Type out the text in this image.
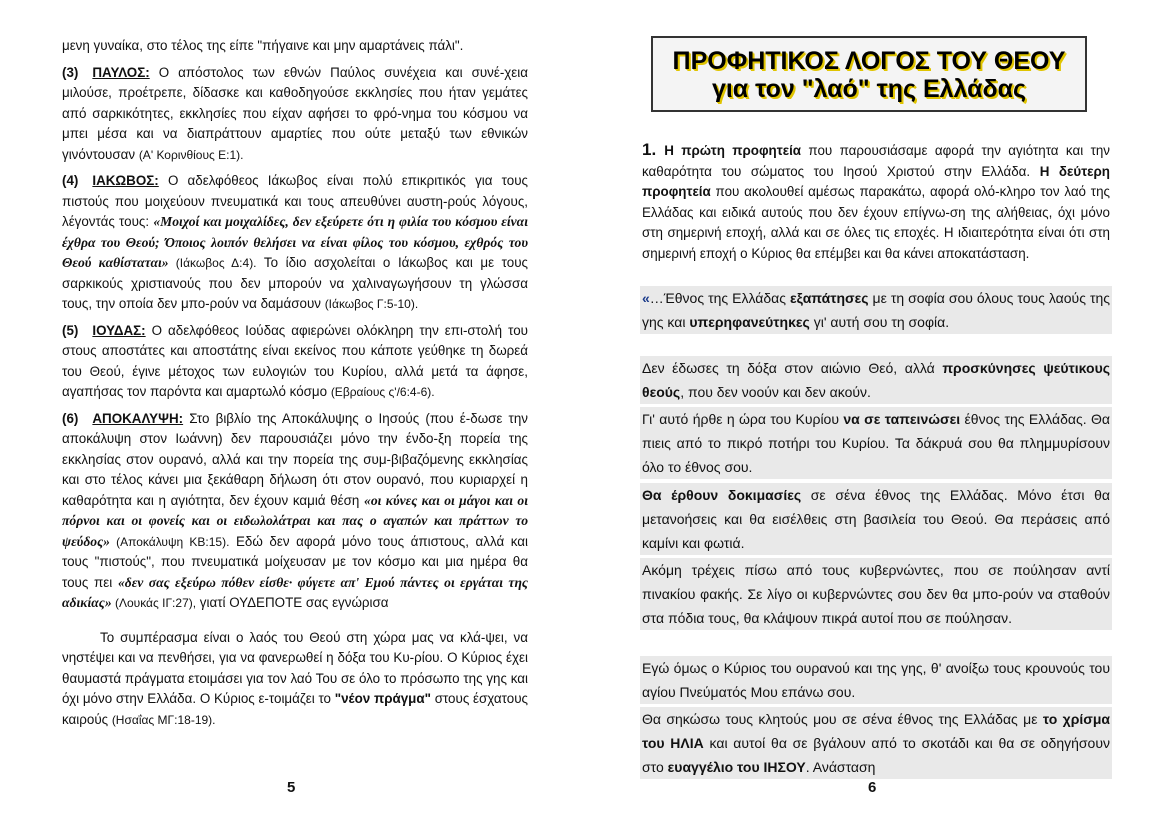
μενη γυναίκα, στο τέλος της είπε "πήγαινε και μην αμαρτάνεις πάλι".

(3) ΠΑΥΛΟΣ: Ο απόστολος των εθνών Παύλος συνέχεια και συνέ-χεια μιλούσε, προέτρεπε, δίδασκε και καθοδηγούσε εκκλησίες που ήταν γεμάτες από σαρκικότητες, εκκλησίες που είχαν αφήσει το φρό-νημα του κόσμου να μπει μέσα και να διαπράττουν αμαρτίες που ούτε μεταξύ των εθνικών γινόντουσαν (Α' Κορινθίους Ε:1).

(4) ΙΑΚΩΒΟΣ: Ο αδελφόθεος Ιάκωβος είναι πολύ επικριτικός για τους πιστούς που μοιχεύουν πνευματικά και τους απευθύνει αυστη-ρούς λόγους, λέγοντάς τους: «Μοιχοί και μοιχαλίδες, δεν εξεύρετε ότι η φιλία του κόσμου είναι έχθρα του Θεού; Όποιος λοιπόν θελήσει να είναι φίλος του κόσμου, εχθρός του Θεού καθίσταται» (Ιάκωβος Δ:4). Το ίδιο ασχολείται ο Ιάκωβος και με τους σαρκικούς χριστιανούς που δεν μπορούν να χαλιναγωγήσουν τη γλώσσα τους, την οποία δεν μπο-ρούν να δαμάσουν (Ιάκωβος Γ:5-10).

(5) ΙΟΥΔΑΣ: Ο αδελφόθεος Ιούδας αφιερώνει ολόκληρη την επι-στολή του στους αποστάτες και αποστάτης είναι εκείνος που κάποτε γεύθηκε τη δωρεά του Θεού, έγινε μέτοχος των ευλογιών του Κυρίου, αλλά μετά τα άφησε, αγαπήσας τον παρόντα και αμαρτωλό κόσμο (Εβραίους ς'/6:4-6).

(6) ΑΠΟΚΑΛΥΨΗ: Στο βιβλίο της Αποκάλυψης ο Ιησούς (που έ-δωσε την αποκάλυψη στον Ιωάννη) δεν παρουσιάζει μόνο την ένδο-ξη πορεία της εκκλησίας στον ουρανό, αλλά και την πορεία της συμ-βιβαζόμενης εκκλησίας και στο τέλος κάνει μια ξεκάθαρη δήλωση ότι στον ουρανό, που κυριαρχεί η καθαρότητα και η αγιότητα, δεν έχουν καμιά θέση «οι κύνες και οι μάγοι και οι πόρνοι και οι φονείς και οι ειδωλολάτραι και πας ο αγαπών και πράττων το ψεύδος» (Αποκάλυψη ΚΒ:15). Εδώ δεν αφορά μόνο τους άπιστους, αλλά και τους "πιστούς", που πνευματικά μοίχευσαν με τον κόσμο και μια ημέρα θα τους πει «δεν σας εξεύρω πόθεν είσθε· φύγετε απ' Εμού πάντες οι εργάται της αδικίας» (Λουκάς ΙΓ:27), γιατί ΟΥΔΕΠΟΤΕ σας εγνώρισα

Το συμπέρασμα είναι ο λαός του Θεού στη χώρα μας να κλά-ψει, να νηστέψει και να πενθήσει, για να φανερωθεί η δόξα του Κυ-ρίου. Ο Κύριος έχει θαυμαστά πράγματα ετοιμάσει για τον λαό Του σε όλο το πρόσωπο της γης και όχι μόνο στην Ελλάδα. Ο Κύριος ε-τοιμάζει το "νέον πράγμα" στους έσχατους καιρούς (Ησαΐας ΜΓ:18-19).

5
ΠΡΟΦΗΤΙΚΟΣ ΛΟΓΟΣ ΤΟΥ ΘΕΟΥ
για τον "λαό" της Ελλάδας

1. Η πρώτη προφητεία που παρουσιάσαμε αφορά την αγιότητα και την καθαρότητα του σώματος του Ιησού Χριστού στην Ελλάδα. Η δεύτερη προφητεία που ακολουθεί αμέσως παρακάτω, αφορά ολό-κληρο τον λαό της Ελλάδας και ειδικά αυτούς που δεν έχουν επίγνω-ση της αλήθειας, όχι μόνο στη σημερινή εποχή, αλλά και σε όλες τις εποχές. Η ιδιαιτερότητα είναι ότι στη σημερινή εποχή ο Κύριος θα επέμβει και θα κάνει αποκατάσταση.

«…Έθνος της Ελλάδας εξαπάτησες με τη σοφία σου όλους τους λαούς της γης και υπερηφανεύτηκες γι' αυτή σου τη σοφία.

Δεν έδωσες τη δόξα στον αιώνιο Θεό, αλλά προσκύνησες ψεύτικους θεούς, που δεν νοούν και δεν ακούν.

Γι' αυτό ήρθε η ώρα του Κυρίου να σε ταπεινώσει έθνος της Ελλάδας. Θα πιεις από το πικρό ποτήρι του Κυρίου. Τα δάκρυά σου θα πλημμυρίσουν όλο το έθνος σου.

Θα έρθουν δοκιμασίες σε σένα έθνος της Ελλάδας. Μόνο έτσι θα μετανοήσεις και θα εισέλθεις στη βασιλεία του Θεού. Θα περάσεις από καμίνι και φωτιά.

Ακόμη τρέχεις πίσω από τους κυβερνώντες, που σε πούλησαν αντί πινακίου φακής. Σε λίγο οι κυβερνώντες σου δεν θα μπο-ρούν να σταθούν στα πόδια τους, θα κλάψουν πικρά αυτοί που σε πούλησαν.

Εγώ όμως ο Κύριος του ουρανού και της γης, θ' ανοίξω τους κρουνούς του αγίου Πνεύματός Μου επάνω σου.

Θα σηκώσω τους κλητούς μου σε σένα έθνος της Ελλάδας με το χρίσμα του ΗΛΙΑ και αυτοί θα σε βγάλουν από το σκοτάδι και θα σε οδηγήσουν στο ευαγγέλιο του ΙΗΣΟΥ. Ανάσταση

6
